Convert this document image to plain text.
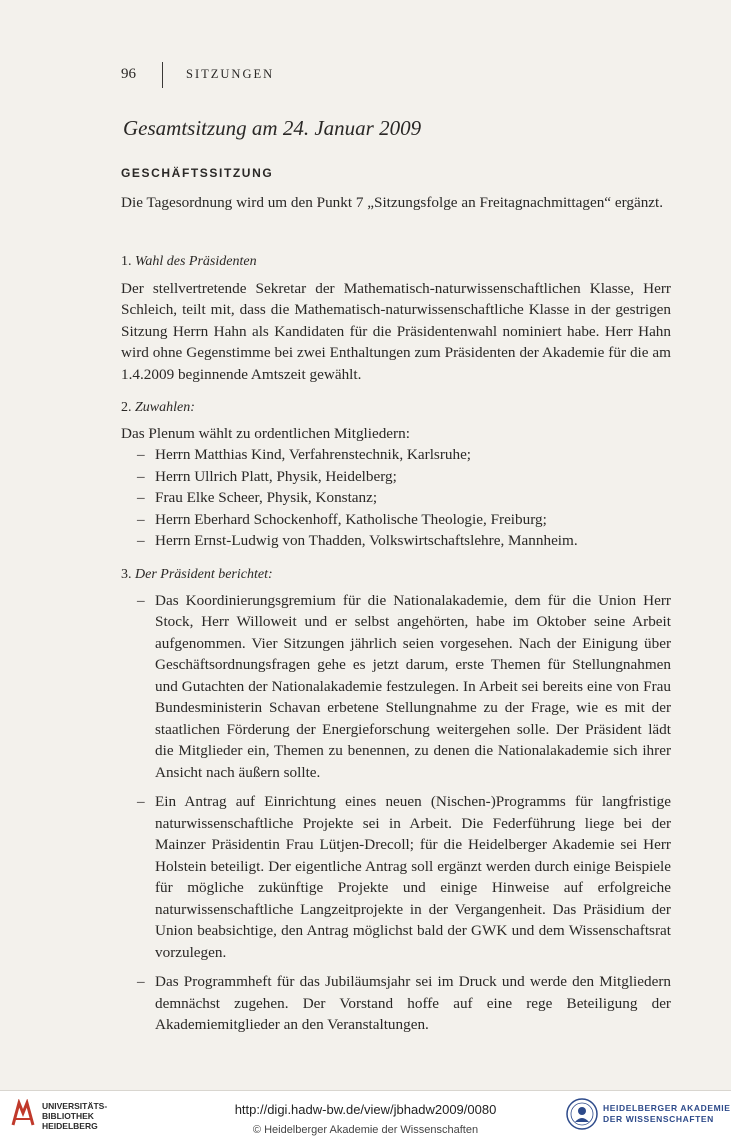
96	SITZUNGEN
Gesamtsitzung am 24. Januar 2009
GESCHÄFTSSITZUNG

Die Tagesordnung wird um den Punkt 7 „Sitzungsfolge an Freitagnachmittagen“ ergänzt.

1. Wahl des Präsidenten

Der stellvertretende Sekretar der Mathematisch-naturwissenschaftlichen Klasse, Herr Schleich, teilt mit, dass die Mathematisch-naturwissenschaftliche Klasse in der gestrigen Sitzung Herrn Hahn als Kandidaten für die Präsidentenwahl nominiert habe. Herr Hahn wird ohne Gegenstimme bei zwei Enthaltungen zum Präsidenten der Akademie für die am 1.4.2009 beginnende Amtszeit gewählt.

2. Zuwahlen:

Das Plenum wählt zu ordentlichen Mitgliedern:

– Herrn Matthias Kind, Verfahrenstechnik, Karlsruhe;
– Herrn Ullrich Platt, Physik, Heidelberg;
– Frau Elke Scheer, Physik, Konstanz;
– Herrn Eberhard Schockenhoff, Katholische Theologie, Freiburg;
– Herrn Ernst-Ludwig von Thadden, Volkswirtschaftslehre, Mannheim.
3. Der Präsident berichtet:
– Das Koordinierungsgremium für die Nationalakademie, dem für die Union Herr Stock, Herr Willoweit und er selbst angehörten, habe im Oktober seine Arbeit aufgenommen. Vier Sitzungen jährlich seien vorgesehen. Nach der Einigung über Geschäftsordnungsfragen gehe es jetzt darum, erste Themen für Stellungnahmen und Gutachten der Nationalakademie festzulegen. In Arbeit sei bereits eine von Frau Bundesministerin Schavan erbetene Stellungnahme zu der Frage, wie es mit der staatlichen Förderung der Energieforschung weitergehen solle. Der Präsident lädt die Mitglieder ein, Themen zu benennen, zu denen die Nationalakademie sich ihrer Ansicht nach äußern sollte.
– Ein Antrag auf Einrichtung eines neuen (Nischen-)Programms für langfristige naturwissenschaftliche Projekte sei in Arbeit. Die Federführung liege bei der Mainzer Präsidentin Frau Lütjen-Drecoll; für die Heidelberger Akademie sei Herr Holstein beteiligt. Der eigentliche Antrag soll ergänzt werden durch einige Beispiele für mögliche zukünftige Projekte und einige Hinweise auf erfolgreiche naturwissenschaftliche Langzeitprojekte in der Vergangenheit. Das Präsidium der Union beabsichtige, den Antrag möglichst bald der GWK und dem Wissenschaftsrat vorzulegen.
– Das Programmheft für das Jubiläumsjahr sei im Druck und werde den Mitgliedern demnächst zugehen. Der Vorstand hoffe auf eine rege Beteiligung der Akademiemitglieder an den Veranstaltungen.
UNIVERSITÄTS-
BIBLIOTHEK
HEIDELBERG
http://digi.hadw-bw.de/view/jbhadw2009/0080
© Heidelberger Akademie der Wissenschaften
HEIDELBERGER AKADEMIE
DER WISSENSCHAFTEN
